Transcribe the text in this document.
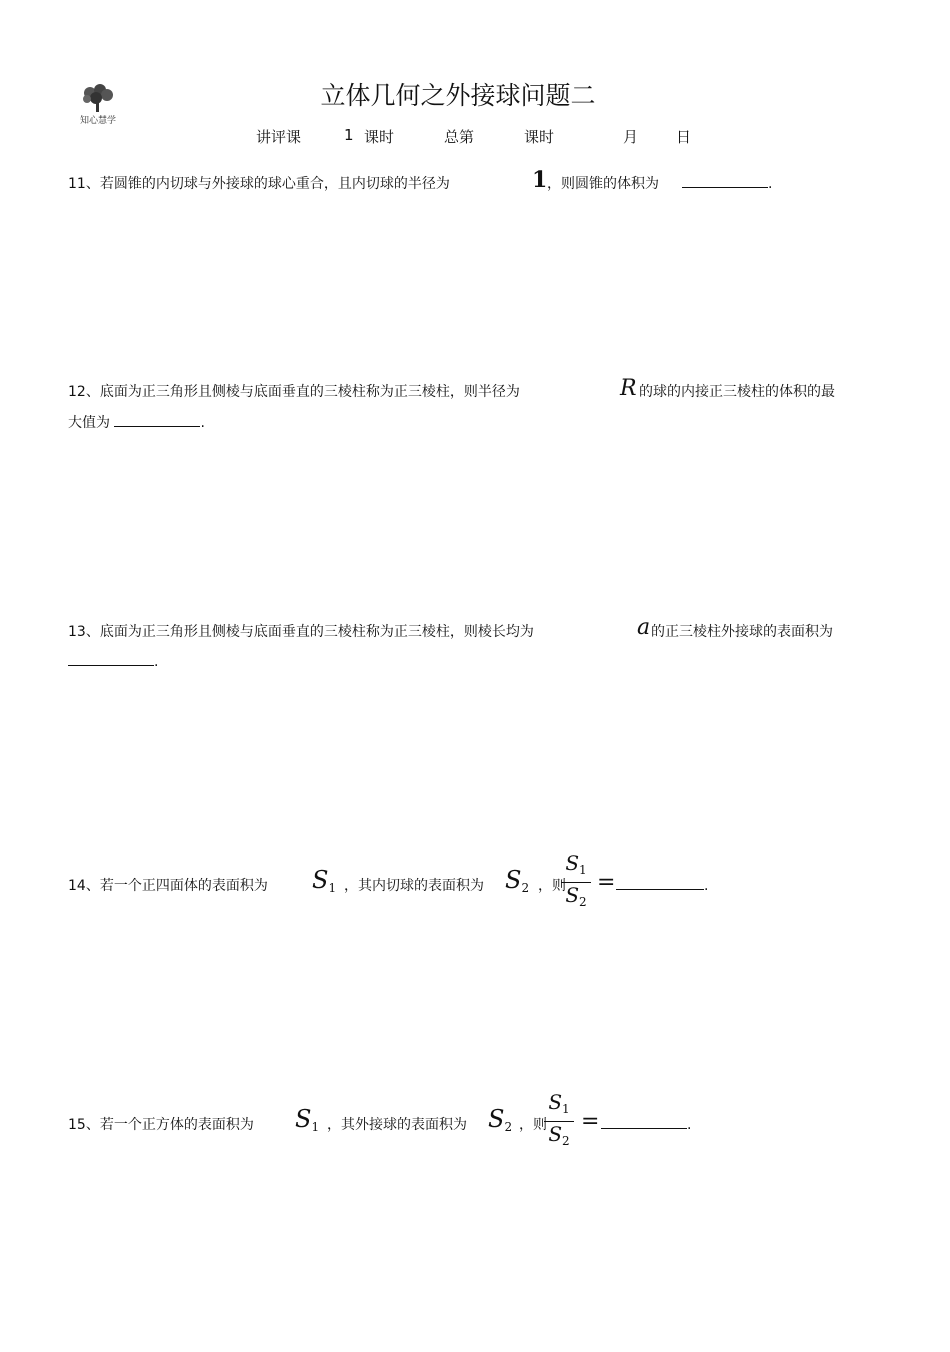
知心慧学
立体几何之外接球问题二
讲评课	1 课时	总第	课时	月	日
11、若圆锥的内切球与外接球的球心重合，且内切球的半径为	1 ，则圆锥的体积为	.
12、底面为正三角形且侧棱与底面垂直的三棱柱称为正三棱柱，则半径为	R 的球的内接正三棱柱的体积的最
大值为	.
13、底面为正三角形且侧棱与底面垂直的三棱柱称为正三棱柱，则棱长均为	a 的正三棱柱外接球的表面积为
.
14、若一个正四面体的表面积为 $S_1$ ，其内切球的表面积为 $S_2$ ，则
$S_1$
$S_2$
=	.
15、若一个正方体的表面积为 $S_1$ ，其外接球的表面积为 $S_2$ ，则
$S_1$
$S_2$
=	.
